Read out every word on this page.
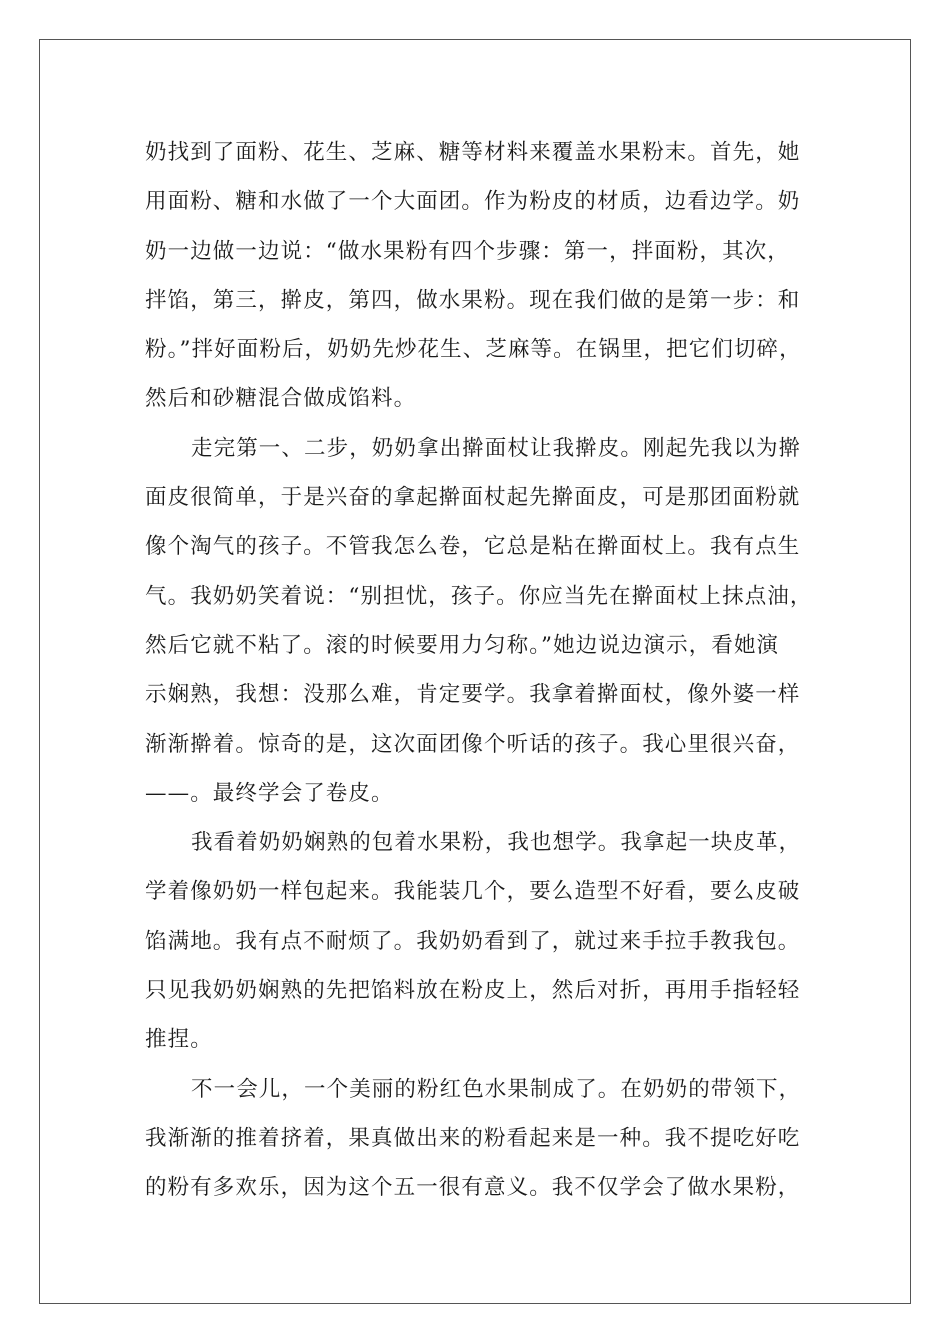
奶找到了面粉、花生、芝麻、糖等材料来覆盖水果粉末。首先，她
用面粉、糖和水做了一个大面团。作为粉皮的材质，边看边学。奶
奶一边做一边说：“做水果粉有四个步骤：第一，拌面粉，其次，
拌馅，第三，擀皮，第四，做水果粉。现在我们做的是第一步：和
粉。”拌好面粉后，奶奶先炒花生、芝麻等。在锅里，把它们切碎，
然后和砂糖混合做成馅料。
走完第一、二步，奶奶拿出擀面杖让我擀皮。刚起先我以为擀
面皮很简单，于是兴奋的拿起擀面杖起先擀面皮，可是那团面粉就
像个淘气的孩子。不管我怎么卷，它总是粘在擀面杖上。我有点生
气。我奶奶笑着说：“别担忧，孩子。你应当先在擀面杖上抹点油，
然后它就不粘了。滚的时候要用力匀称。”她边说边演示，看她演
示娴熟，我想：没那么难，肯定要学。我拿着擀面杖，像外婆一样
渐渐擀着。惊奇的是，这次面团像个听话的孩子。我心里很兴奋，
——。最终学会了卷皮。
我看着奶奶娴熟的包着水果粉，我也想学。我拿起一块皮革，
学着像奶奶一样包起来。我能装几个，要么造型不好看，要么皮破
馅满地。我有点不耐烦了。我奶奶看到了，就过来手拉手教我包。
只见我奶奶娴熟的先把馅料放在粉皮上，然后对折，再用手指轻轻
推捏。
不一会儿，一个美丽的粉红色水果制成了。在奶奶的带领下，
我渐渐的推着挤着，果真做出来的粉看起来是一种。我不提吃好吃
的粉有多欢乐，因为这个五一很有意义。我不仅学会了做水果粉，
